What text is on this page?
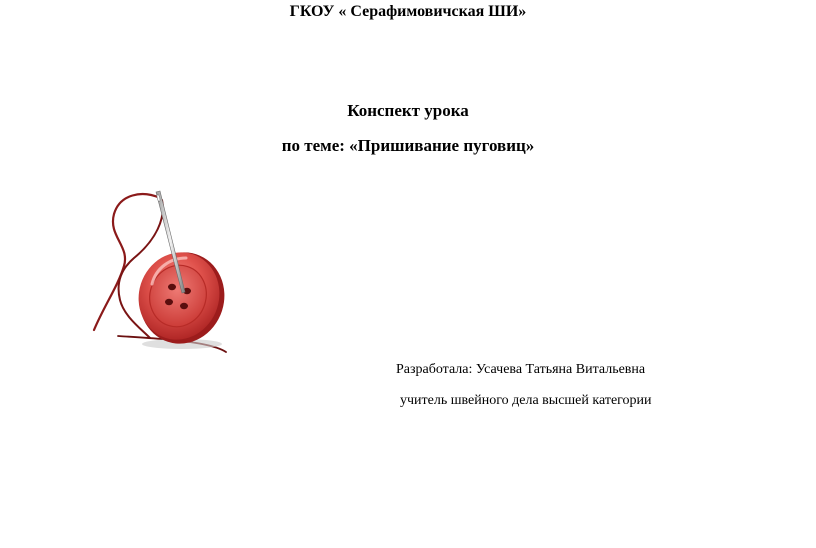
ГКОУ « Серафимовичская ШИ»
Конспект урока
по теме: «Пришивание пуговиц»
Разработала: Усачева Татьяна Витальевна
учитель швейного дела высшей категории
